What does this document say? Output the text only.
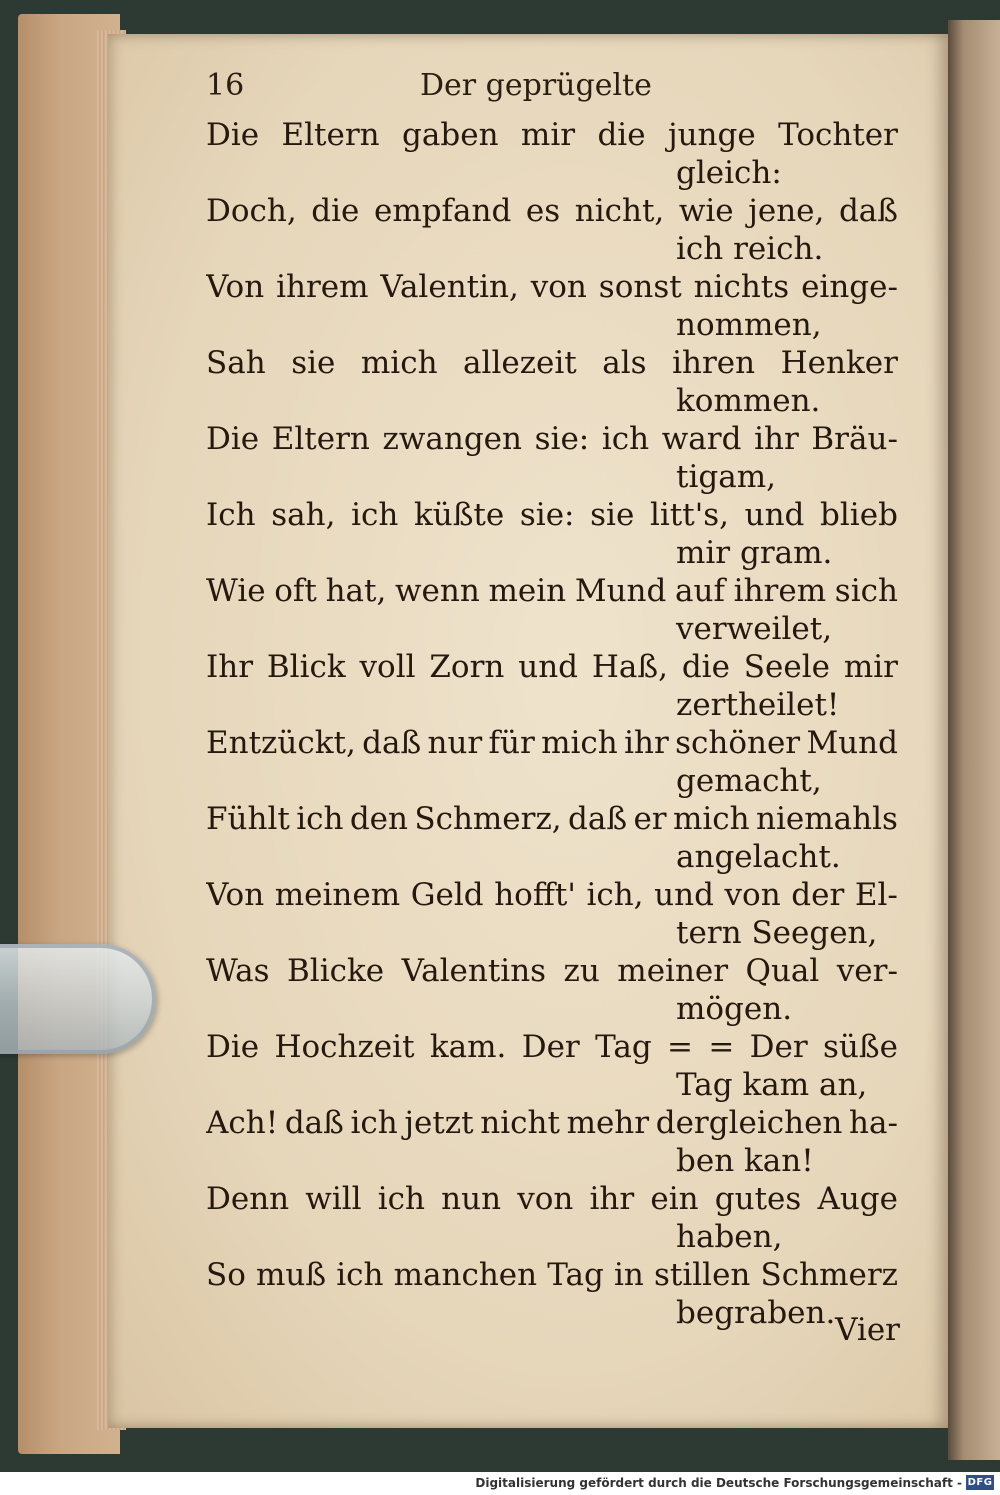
16	Der geprügelte
Die Eltern gaben mir die junge Tochter
gleich:
Doch, die empfand es nicht, wie jene, daß
ich reich.
Von ihrem Valentin, von sonst nichts einge-
nommen,
Sah sie mich allezeit als ihren Henker
kommen.
Die Eltern zwangen sie: ich ward ihr Bräu-
tigam,
Ich sah, ich küßte sie: sie litt's, und blieb
mir gram.
Wie oft hat, wenn mein Mund auf ihrem sich
verweilet,
Ihr Blick voll Zorn und Haß, die Seele mir
zertheilet!
Entzückt, daß nur für mich ihr schöner Mund
gemacht,
Fühlt ich den Schmerz, daß er mich niemahls
angelacht.
Von meinem Geld hofft' ich, und von der El-
tern Seegen,
Was Blicke Valentins zu meiner Qual ver-
mögen.
Die Hochzeit kam. Der Tag = = Der süße
Tag kam an,
Ach! daß ich jetzt nicht mehr dergleichen ha-
ben kan!
Denn will ich nun von ihr ein gutes Auge
haben,
So muß ich manchen Tag in stillen Schmerz
begraben. Vier
Digitalisierung gefördert durch die Deutsche Forschungsgemeinschaft - DFG
